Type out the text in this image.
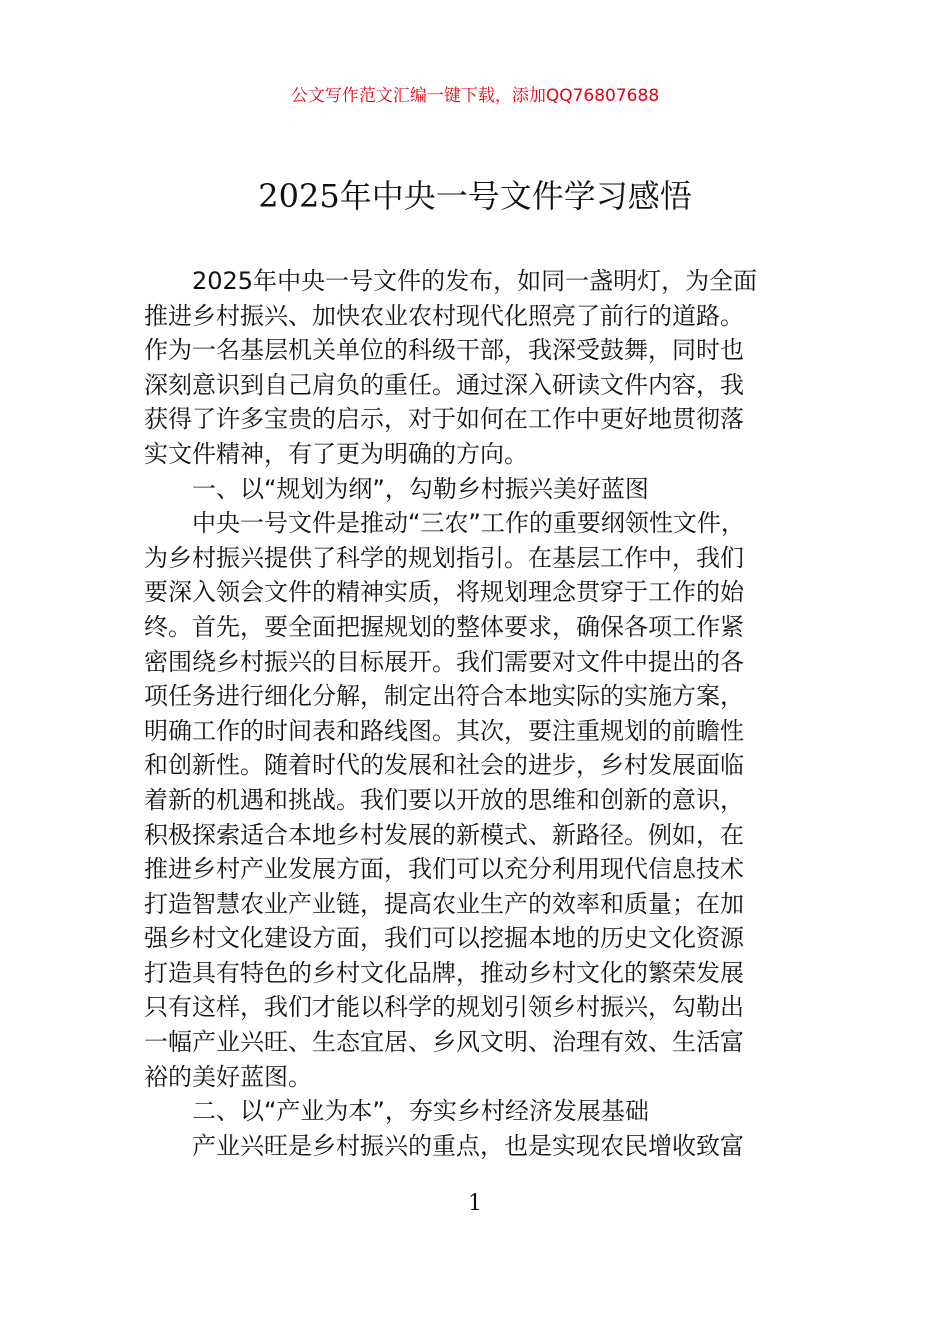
公文写作范文汇编一键下载，添加QQ76807688
2025年中央一号文件学习感悟
　　2025年中央一号文件的发布，如同一盏明灯，为全面
推进乡村振兴、加快农业农村现代化照亮了前行的道路。
作为一名基层机关单位的科级干部，我深受鼓舞，同时也
深刻意识到自己肩负的重任。通过深入研读文件内容，我
获得了许多宝贵的启示，对于如何在工作中更好地贯彻落
实文件精神，有了更为明确的方向。
　　一、以“规划为纲”，勾勒乡村振兴美好蓝图
　　中央一号文件是推动“三农”工作的重要纲领性文件，
为乡村振兴提供了科学的规划指引。在基层工作中，我们
要深入领会文件的精神实质，将规划理念贯穿于工作的始
终。首先，要全面把握规划的整体要求，确保各项工作紧
密围绕乡村振兴的目标展开。我们需要对文件中提出的各
项任务进行细化分解，制定出符合本地实际的实施方案，
明确工作的时间表和路线图。其次，要注重规划的前瞻性
和创新性。随着时代的发展和社会的进步，乡村发展面临
着新的机遇和挑战。我们要以开放的思维和创新的意识，
积极探索适合本地乡村发展的新模式、新路径。例如，在
推进乡村产业发展方面，我们可以充分利用现代信息技术
打造智慧农业产业链，提高农业生产的效率和质量；在加
强乡村文化建设方面，我们可以挖掘本地的历史文化资源
打造具有特色的乡村文化品牌，推动乡村文化的繁荣发展
只有这样，我们才能以科学的规划引领乡村振兴，勾勒出
一幅产业兴旺、生态宜居、乡风文明、治理有效、生活富
裕的美好蓝图。
　　二、以“产业为本”，夯实乡村经济发展基础
　　产业兴旺是乡村振兴的重点，也是实现农民增收致富
1
